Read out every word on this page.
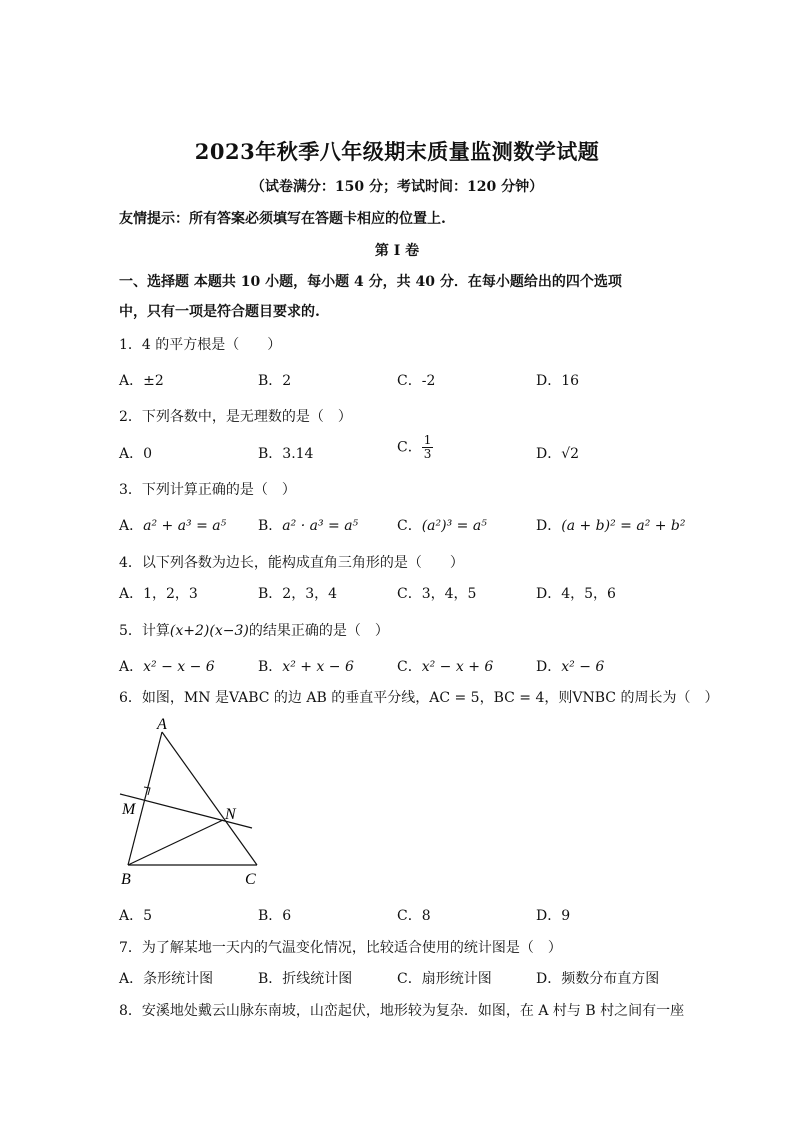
2023年秋季八年级期末质量监测数学试题
（试卷满分：150 分；考试时间：120 分钟）
友情提示：所有答案必须填写在答题卡相应的位置上.
第 I 卷
一、选择题 本题共 10 小题，每小题 4 分，共 40 分．在每小题给出的四个选项
中，只有一项是符合题目要求的.
1．4 的平方根是（　　）
A．±2	B．2	C．-2	D．16
2．下列各数中，是无理数的是（　）
A．0	B．3.14	C． $\frac{1}{3}$	D．√2
3．下列计算正确的是（　）
A．a² + a³ = a⁵ B．a² · a³ = a⁵	C．(a²)³ = a⁵	D．(a + b)² = a² + b²
4．以下列各数为边长，能构成直角三角形的是（　　）
A．1，2，3	B．2，3，4	C．3，4，5	D．4，5，6
5．计算(x+2)(x−3)的结果正确的是（　）
A．x² − x − 6	B．x² + x − 6	C．x² − x + 6	D．x² − 6
6．如图，MN 是VABC 的边 AB 的垂直平分线，AC = 5，BC = 4，则VNBC 的周长为（　）
A
M	N
B	C
A．5	B．6	C．8	D．9
7．为了解某地一天内的气温变化情况，比较适合使用的统计图是（　）
A．条形统计图	B．折线统计图	C．扇形统计图	D．频数分布直方图
8．安溪地处戴云山脉东南坡，山峦起伏，地形较为复杂．如图，在 A 村与 B 村之间有一座
